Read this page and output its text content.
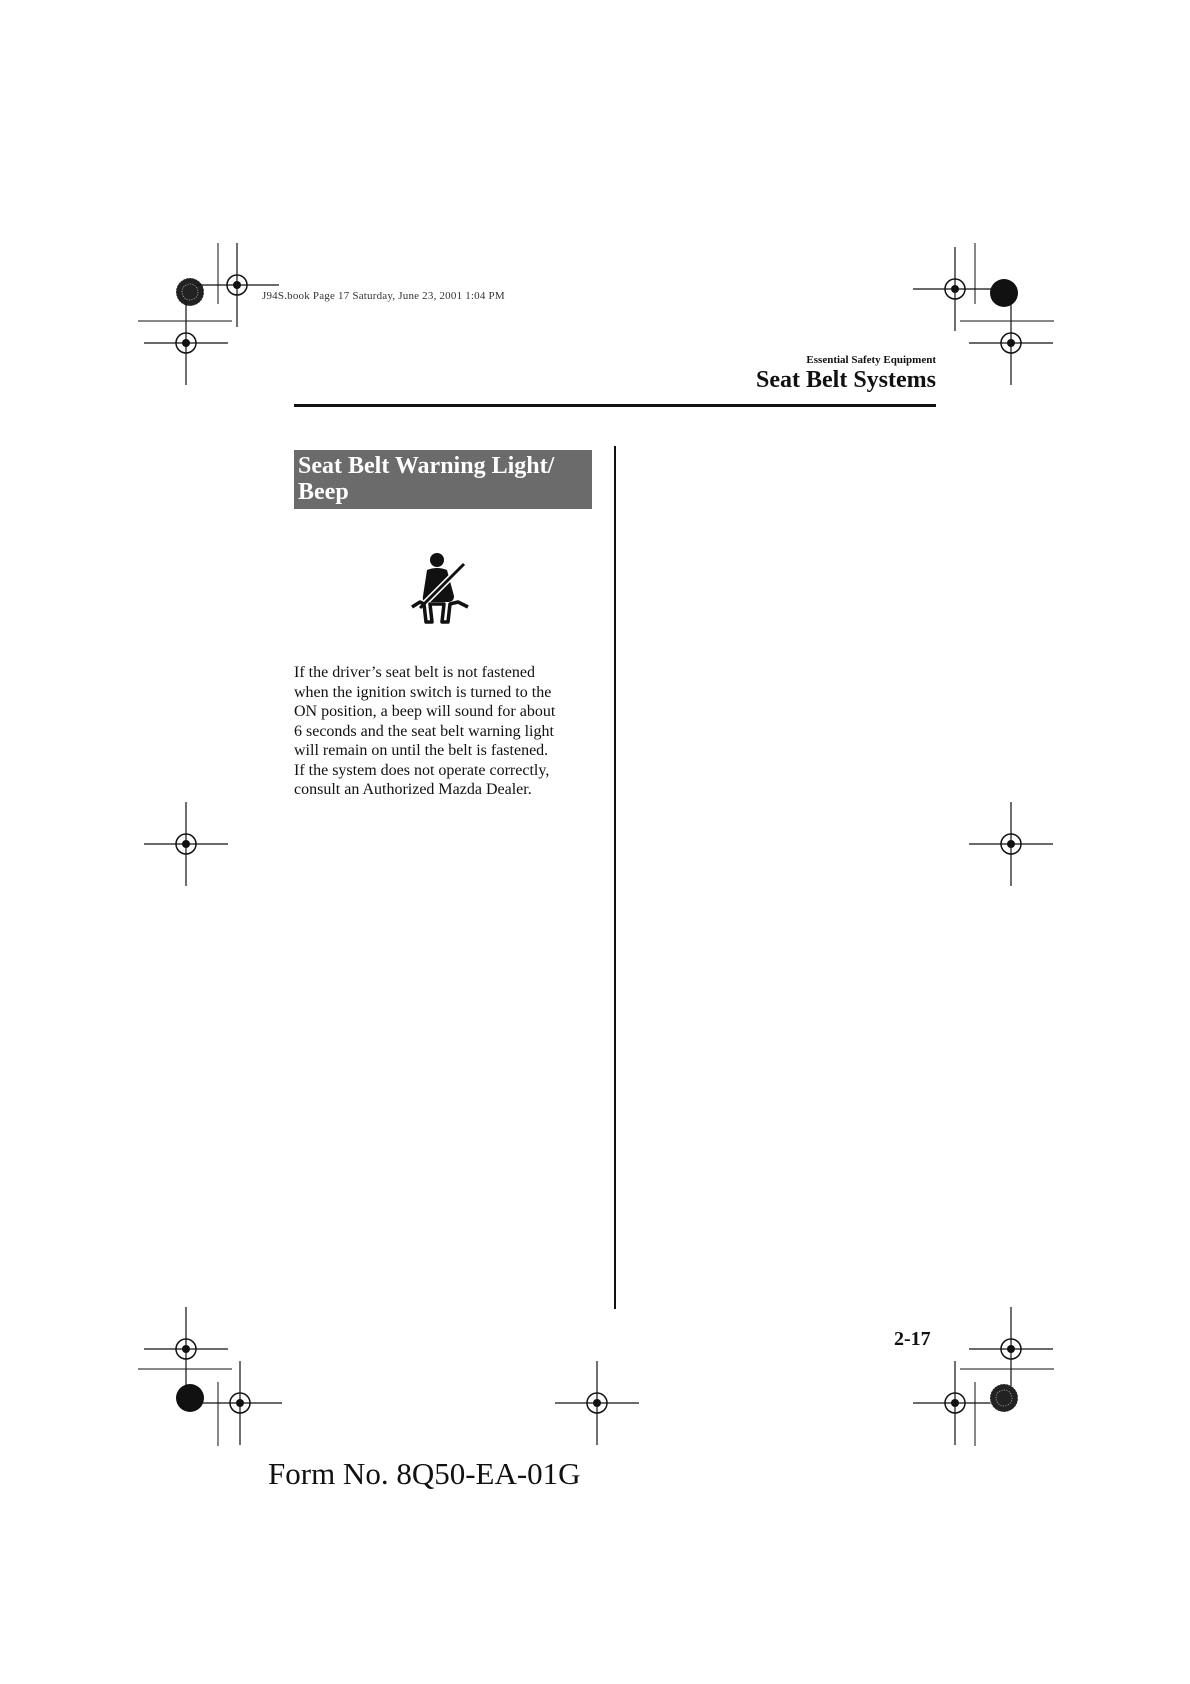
J94S.book Page 17 Saturday, June 23, 2001 1:04 PM
Essential Safety Equipment
Seat Belt Systems
Seat Belt Warning Light/
Beep
If the driver’s seat belt is not fastened
when the ignition switch is turned to the
ON position, a beep will sound for about
6 seconds and the seat belt warning light
will remain on until the belt is fastened.
If the system does not operate correctly,
consult an Authorized Mazda Dealer.
2-17
Form No. 8Q50-EA-01G
